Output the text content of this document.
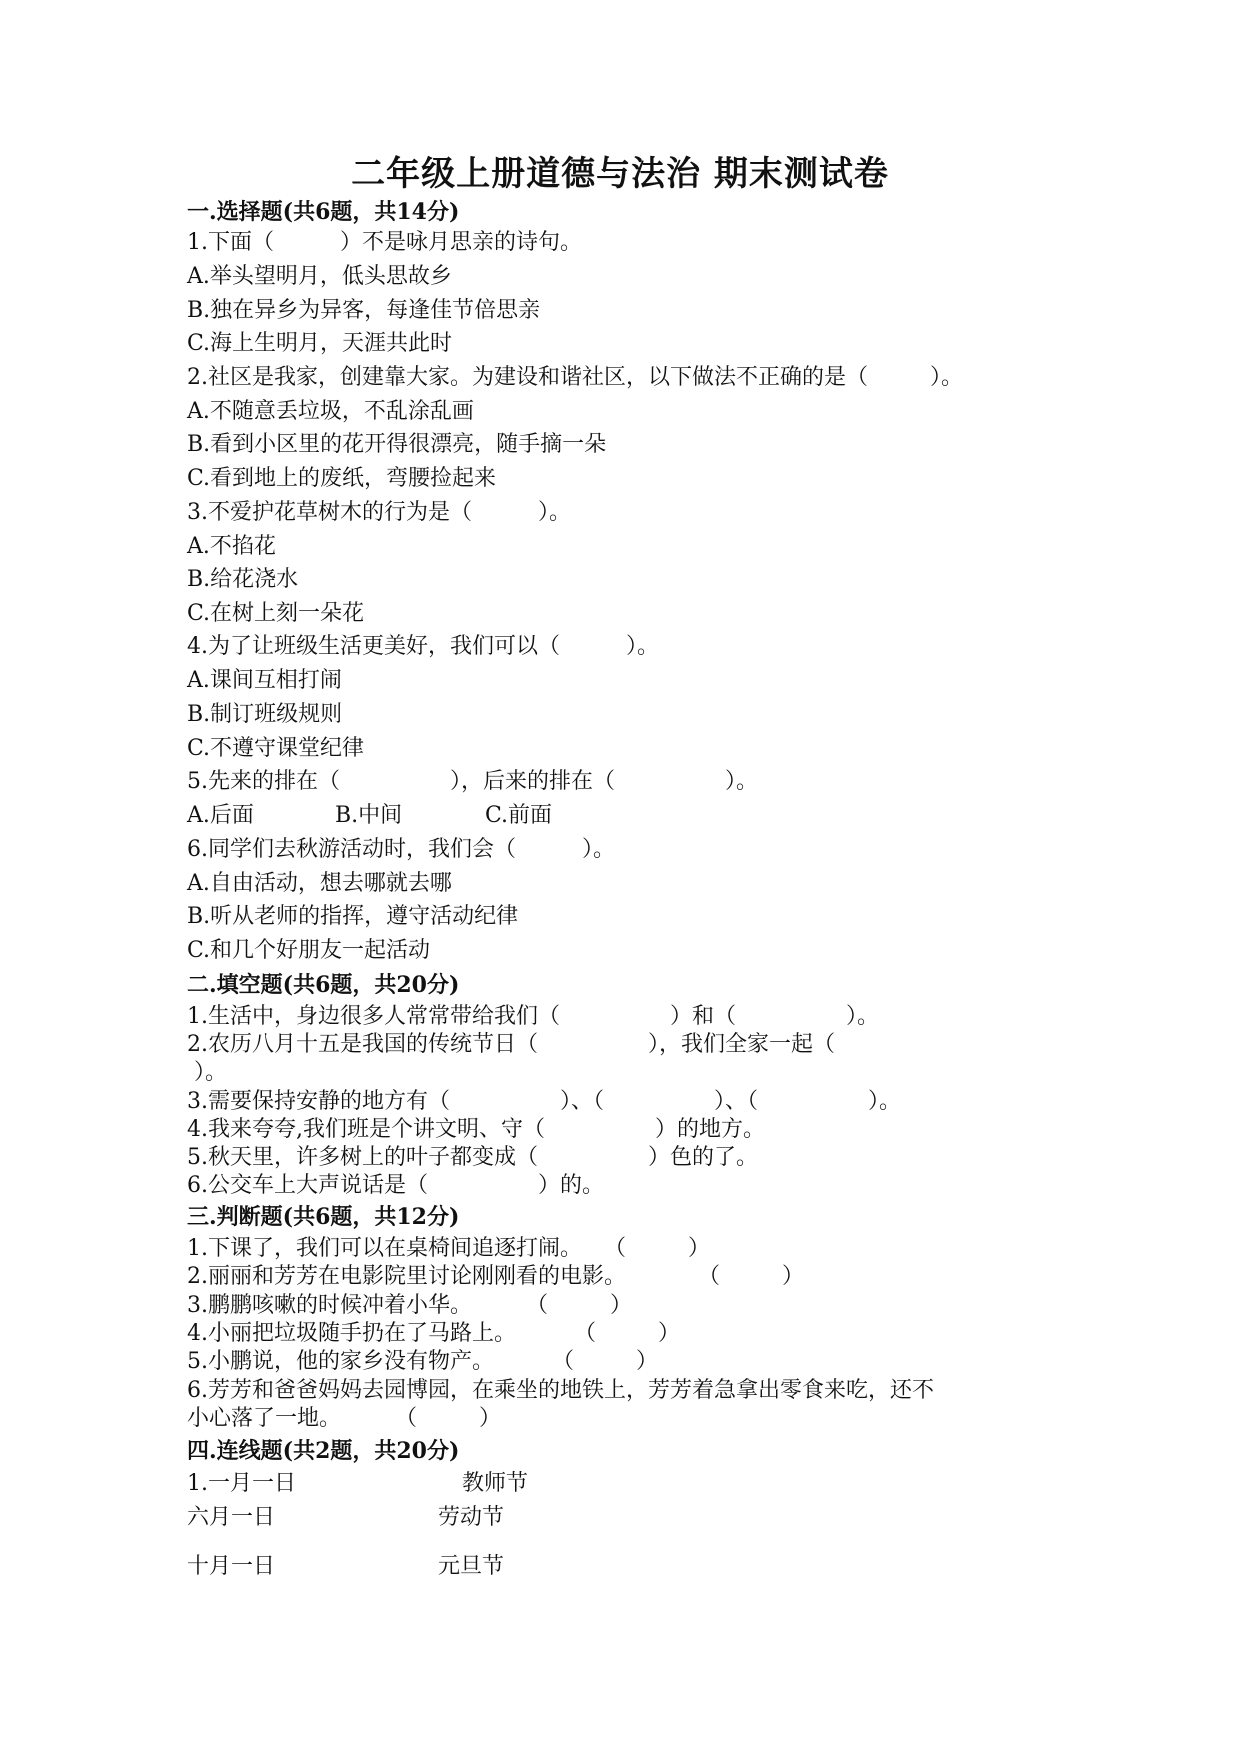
二年级上册道德与法治 期末测试卷
一.选择题(共6题，共14分)
1.下面（	）不是咏月思亲的诗句。
A.举头望明月，低头思故乡
B.独在异乡为异客，每逢佳节倍思亲
C.海上生明月，天涯共此时
2.社区是我家，创建靠大家。为建设和谐社区，以下做法不正确的是（	）。
A.不随意丢垃圾，不乱涂乱画
B.看到小区里的花开得很漂亮，随手摘一朵
C.看到地上的废纸，弯腰捡起来
3.不爱护花草树木的行为是（	）。
A.不掐花
B.给花浇水
C.在树上刻一朵花
4.为了让班级生活更美好，我们可以（	）。
A.课间互相打闹
B.制订班级规则
C.不遵守课堂纪律
5.先来的排在（	），后来的排在（	）。
A.后面	B.中间	C.前面
6.同学们去秋游活动时，我们会（	）。
A.自由活动，想去哪就去哪
B.听从老师的指挥，遵守活动纪律
C.和几个好朋友一起活动
二.填空题(共6题，共20分)
1.生活中，身边很多人常常带给我们（	）和（	）。
2.农历八月十五是我国的传统节日（	），我们全家一起（
）。
3.需要保持安静的地方有（	）、（	）、（	）。
4.我来夸夸,我们班是个讲文明、守（	）的地方。
5.秋天里，许多树上的叶子都变成（	）色的了。
6.公交车上大声说话是（	）的。
三.判断题(共6题，共12分)
1.下课了，我们可以在桌椅间追逐打闹。 （	）
2.丽丽和芳芳在电影院里讨论刚刚看的电影。	（	）
3.鹏鹏咳嗽的时候冲着小华。 （	）
4.小丽把垃圾随手扔在了马路上。	（	）
5.小鹏说，他的家乡没有物产。	（	）
6.芳芳和爸爸妈妈去园博园，在乘坐的地铁上，芳芳着急拿出零食来吃，还不
小心落了一地。 （	）
四.连线题(共2题，共20分)
1.一月一日	教师节
六月一日	劳动节
十月一日	元旦节
